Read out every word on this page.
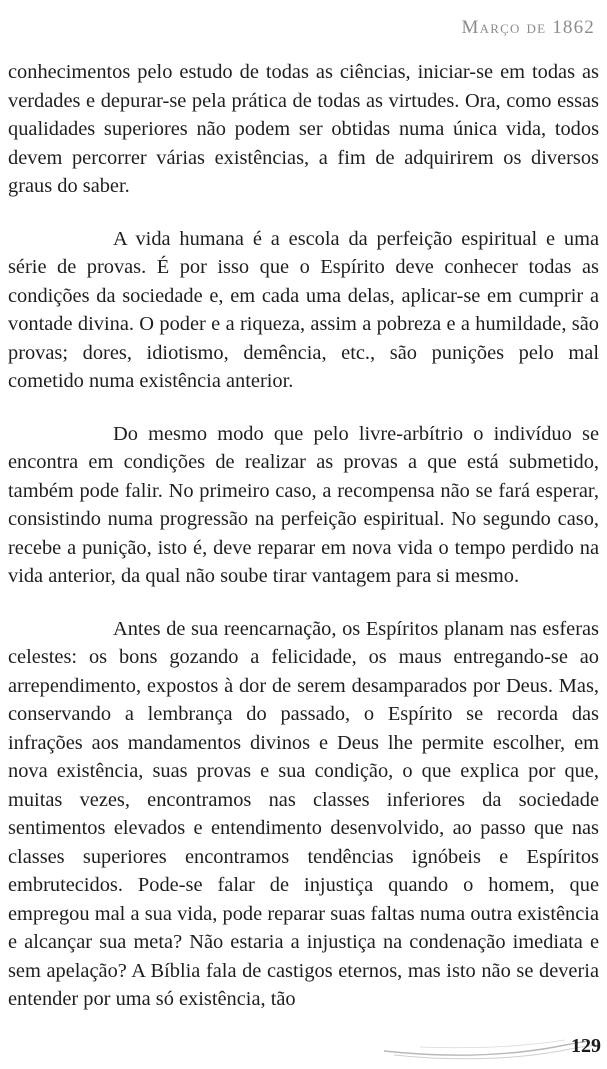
Março de 1862

conhecimentos pelo estudo de todas as ciências, iniciar-se em todas as verdades e depurar-se pela prática de todas as virtudes. Ora, como essas qualidades superiores não podem ser obtidas numa única vida, todos devem percorrer várias existências, a fim de adquirirem os diversos graus do saber.

A vida humana é a escola da perfeição espiritual e uma série de provas. É por isso que o Espírito deve conhecer todas as condições da sociedade e, em cada uma delas, aplicar-se em cumprir a vontade divina. O poder e a riqueza, assim a pobreza e a humildade, são provas; dores, idiotismo, demência, etc., são punições pelo mal cometido numa existência anterior.

Do mesmo modo que pelo livre-arbítrio o indivíduo se encontra em condições de realizar as provas a que está submetido, também pode falir. No primeiro caso, a recompensa não se fará esperar, consistindo numa progressão na perfeição espiritual. No segundo caso, recebe a punição, isto é, deve reparar em nova vida o tempo perdido na vida anterior, da qual não soube tirar vantagem para si mesmo.

Antes de sua reencarnação, os Espíritos planam nas esferas celestes: os bons gozando a felicidade, os maus entregando-se ao arrependimento, expostos à dor de serem desamparados por Deus. Mas, conservando a lembrança do passado, o Espírito se recorda das infrações aos mandamentos divinos e Deus lhe permite escolher, em nova existência, suas provas e sua condição, o que explica por que, muitas vezes, encontramos nas classes inferiores da sociedade sentimentos elevados e entendimento desenvolvido, ao passo que nas classes superiores encontramos tendências ignóbeis e Espíritos embrutecidos. Pode-se falar de injustiça quando o homem, que empregou mal a sua vida, pode reparar suas faltas numa outra existência e alcançar sua meta? Não estaria a injustiça na condenação imediata e sem apelação? A Bíblia fala de castigos eternos, mas isto não se deveria entender por uma só existência, tão

129
